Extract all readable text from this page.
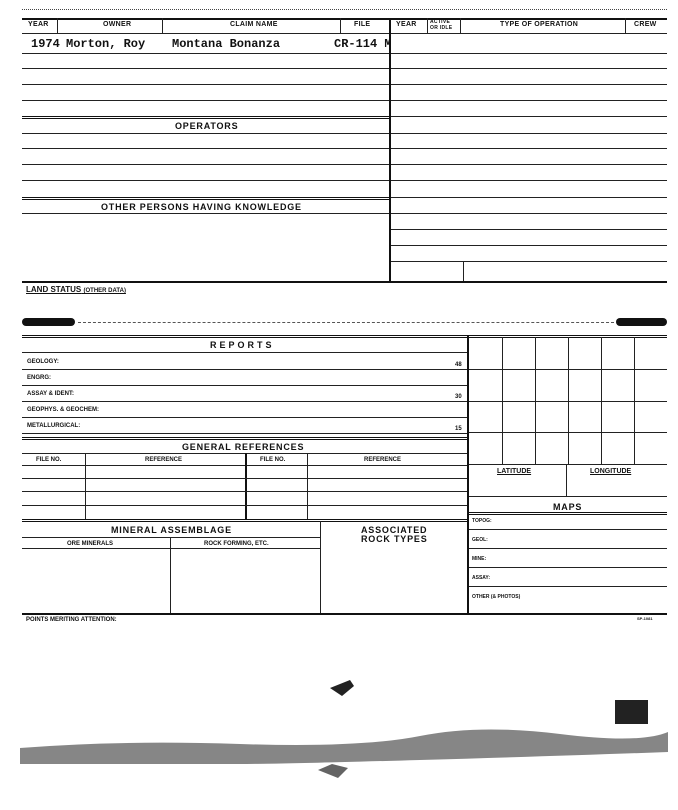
YEAR	OWNER	CLAIM NAME	FILE	YEAR	ACTIVE
OR IDLE	TYPE OF OPERATION	CREW
1974 Morton, Roy Montana Bonanza	CR-114 M
OPERATORS
OTHER PERSONS HAVING KNOWLEDGE
LAND STATUS (OTHER DATA)
REPORTS
GEOLOGY:	48
ENGRG:
ASSAY & IDENT:	30
GEOPHYS. & GEOCHEM:
METALLURGICAL:	15
LATITUDE	LONGITUDE
MAPS
TOPOG:
GEOL:
MINE:
ASSAY:
OTHER (& PHOTOS)
GENERAL REFERENCES
FILE NO.	REFERENCE	FILE NO.	REFERENCE
MINERAL ASSEMBLAGE	ASSOCIATED
ROCK TYPES
ORE MINERALS	ROCK FORMING, ETC.
POINTS MERITING ATTENTION:	SP-1081
